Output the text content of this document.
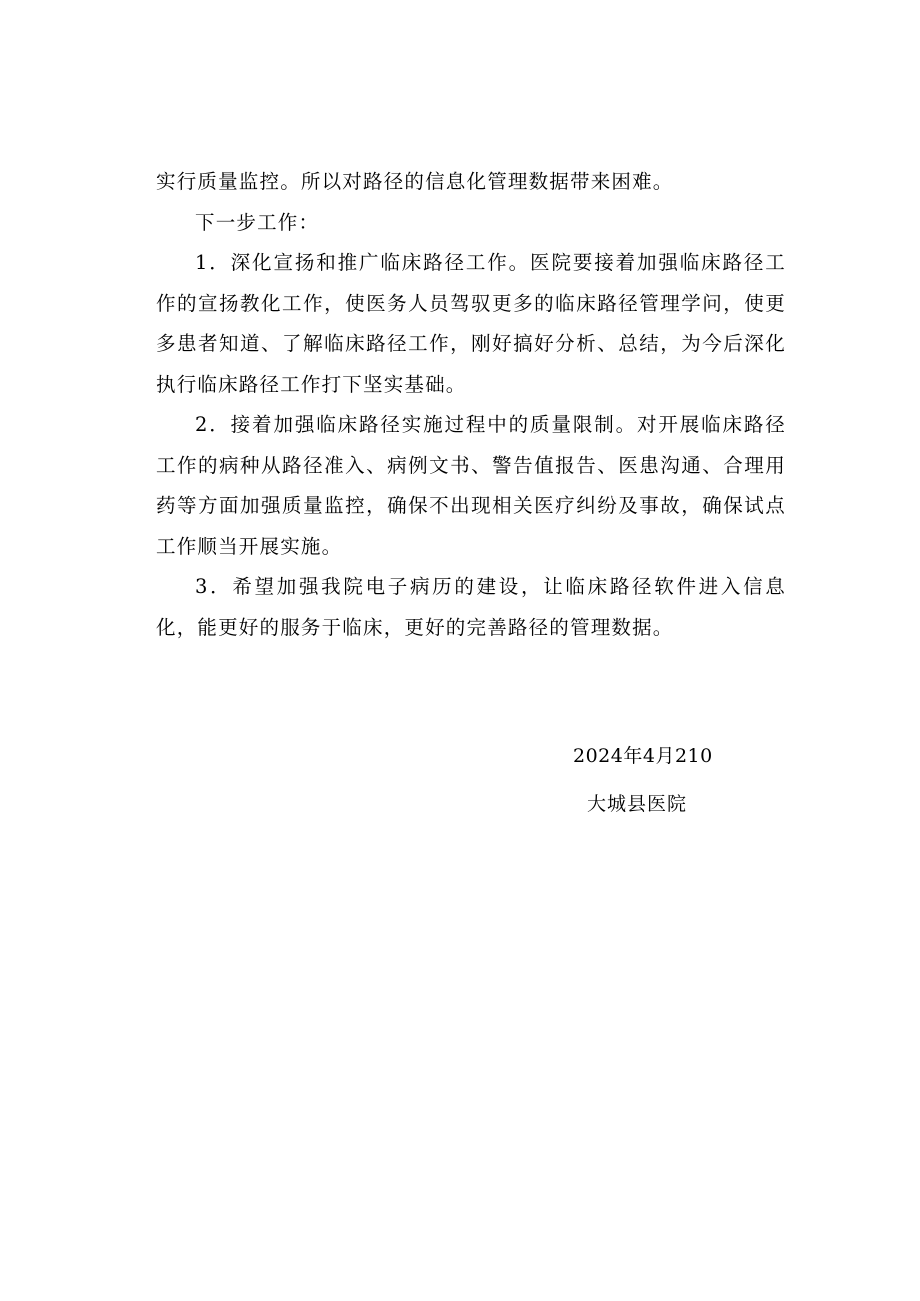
实行质量监控。所以对路径的信息化管理数据带来困难。

下一步工作：

1．深化宣扬和推广临床路径工作。医院要接着加强临床路径工作的宣扬教化工作，使医务人员驾驭更多的临床路径管理学问，使更多患者知道、了解临床路径工作，刚好搞好分析、总结，为今后深化执行临床路径工作打下坚实基础。

2．接着加强临床路径实施过程中的质量限制。对开展临床路径工作的病种从路径准入、病例文书、警告值报告、医患沟通、合理用药等方面加强质量监控，确保不出现相关医疗纠纷及事故，确保试点工作顺当开展实施。

3．希望加强我院电子病历的建设，让临床路径软件进入信息化，能更好的服务于临床，更好的完善路径的管理数据。

2024年4月210
大城县医院
